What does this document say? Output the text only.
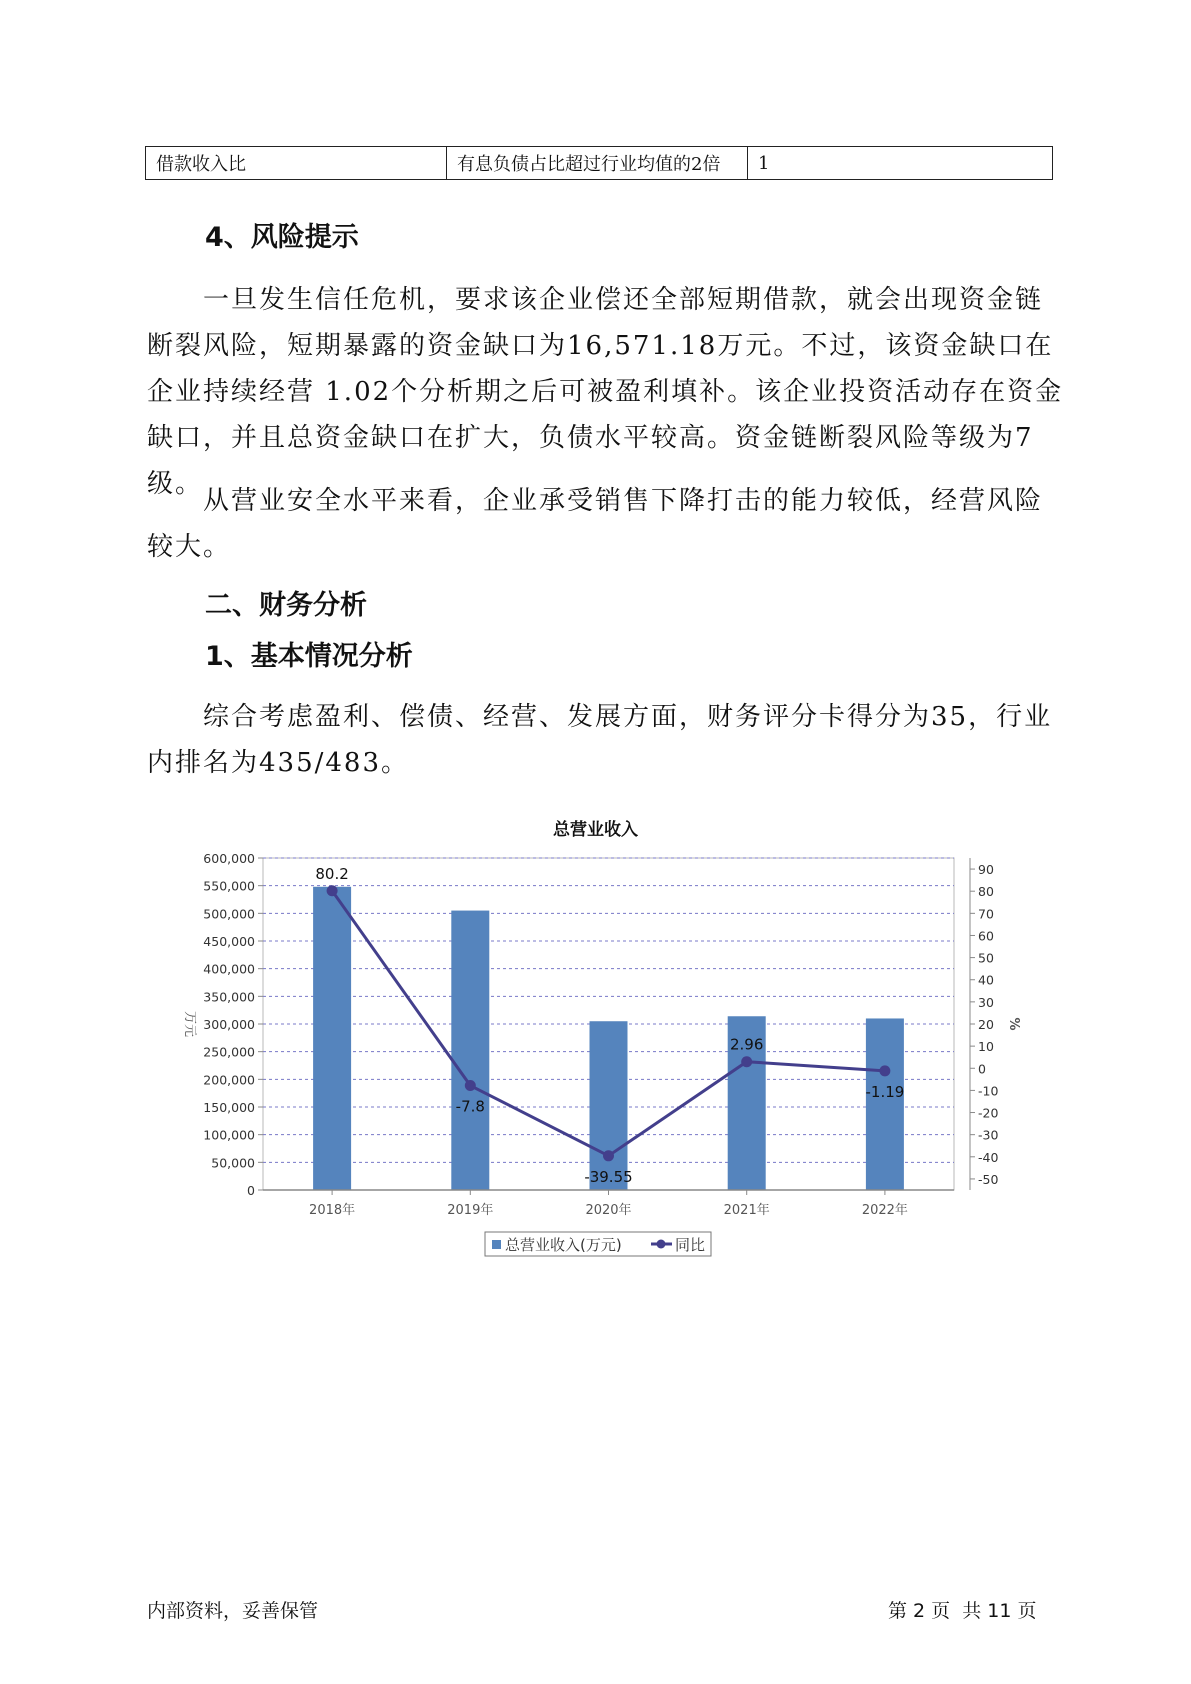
借款收入比	有息负债占比超过行业均值的2倍	1
4、风险提示

一旦发生信任危机，要求该企业偿还全部短期借款，就会出现资金链断裂风险，短期暴露的资金缺口为16,571.18万元。不过，该资金缺口在企业持续经营 1.02个分析期之后可被盈利填补。该企业投资活动存在资金缺口，并且总资金缺口在扩大，负债水平较高。资金链断裂风险等级为7级。

从营业安全水平来看，企业承受销售下降打击的能力较低，经营风险较大。

二、财务分析
1、基本情况分析

综合考虑盈利、偿债、经营、发展方面，财务评分卡得分为35，行业内排名为435/483。

总营业收入
600,000
550,000
500,000
450,000
400,000
350,000
300,000
250,000
200,000
150,000
100,000
50,000
0
90
80
70
60
50
40
30
20
10
0
-10
-20
-30
-40
-50
万元	%
2018年	2019年	2020年	2021年	2022年
80.2
-7.8
-39.55
2.96
-1.19
总营业收入(万元)	同比
内部资料，妥善保管	第 2 页  共 11 页
